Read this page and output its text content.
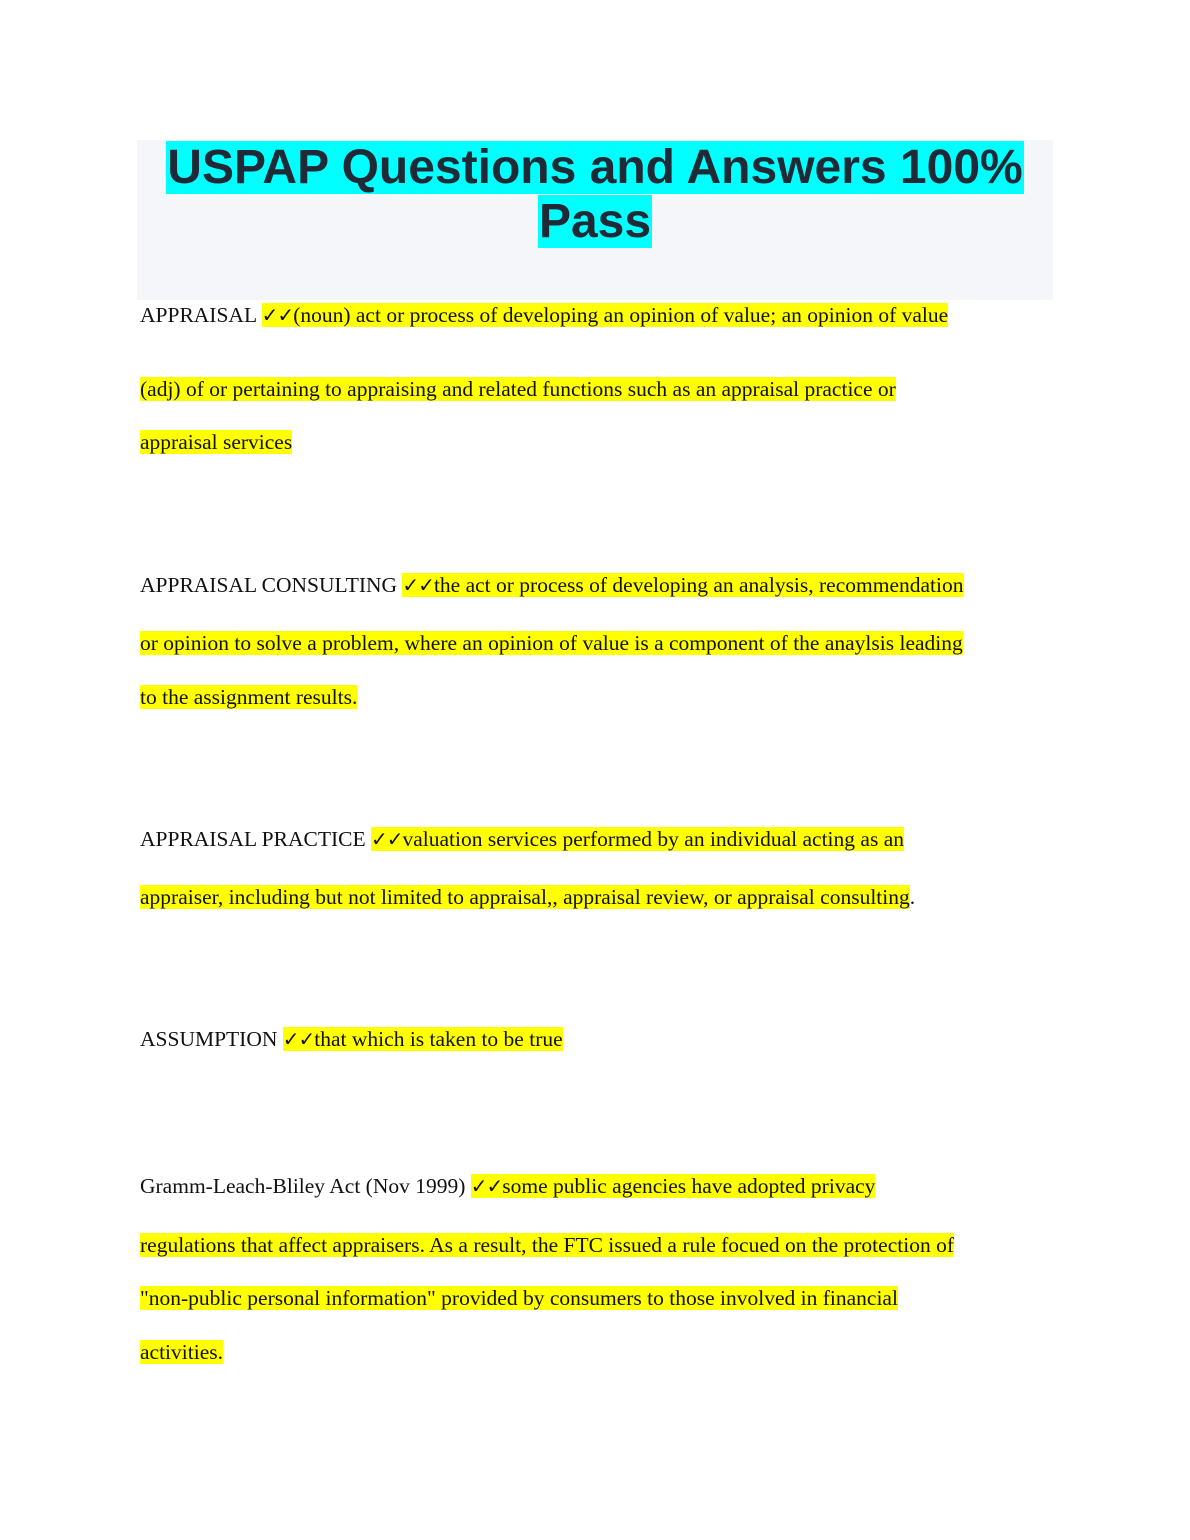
USPAP Questions and Answers 100%
Pass
APPRAISAL ✓✓(noun) act or process of developing an opinion of value; an opinion of value
(adj) of or pertaining to appraising and related functions such as an appraisal practice or
appraisal services
APPRAISAL CONSULTING ✓✓the act or process of developing an analysis, recommendation
or opinion to solve a problem, where an opinion of value is a component of the anaylsis leading
to the assignment results.
APPRAISAL PRACTICE ✓✓valuation services performed by an individual acting as an
appraiser, including but not limited to appraisal,, appraisal review, or appraisal consulting.
ASSUMPTION ✓✓that which is taken to be true
Gramm-Leach-Bliley Act (Nov 1999) ✓✓some public agencies have adopted privacy
regulations that affect appraisers. As a result, the FTC issued a rule focued on the protection of
"non-public personal information" provided by consumers to those involved in financial
activities.
